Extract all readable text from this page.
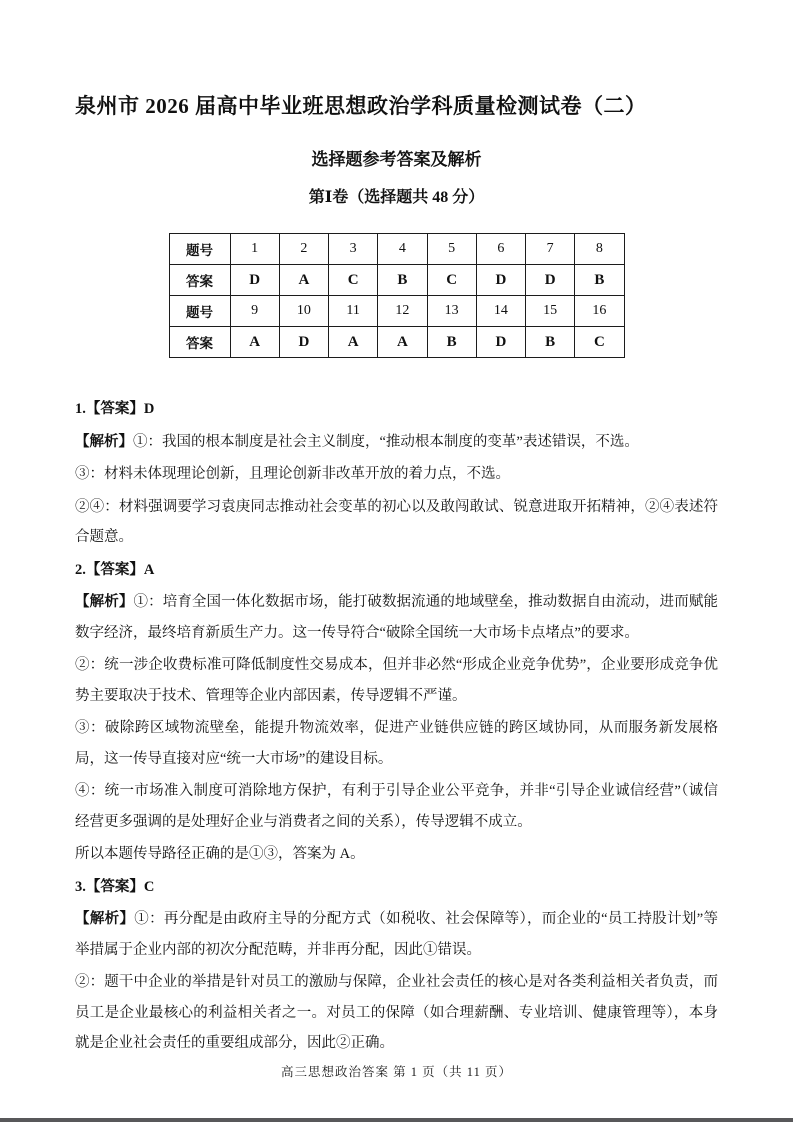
泉州市 2026 届高中毕业班思想政治学科质量检测试卷（二）
选择题参考答案及解析
第Ⅰ卷（选择题共 48 分）
题号	1	2	3	4	5	6	7	8
答案	D	A	C	B	C	D	D	B
题号	9	10	11	12	13	14	15	16
答案	A	D	A	A	B	D	B	C

1.【答案】D

【解析】①：我国的根本制度是社会主义制度，“推动根本制度的变革”表述错误，不选。

③：材料未体现理论创新，且理论创新非改革开放的着力点，不选。

②④：材料强调要学习袁庚同志推动社会变革的初心以及敢闯敢试、锐意进取开拓精神，②④表述符合题意。

2.【答案】A

【解析】①：培育全国一体化数据市场，能打破数据流通的地域壁垒，推动数据自由流动，进而赋能数字经济，最终培育新质生产力。这一传导符合“破除全国统一大市场卡点堵点”的要求。

②：统一涉企收费标准可降低制度性交易成本，但并非必然“形成企业竞争优势”，企业要形成竞争优势主要取决于技术、管理等企业内部因素，传导逻辑不严谨。

③：破除跨区域物流壁垒，能提升物流效率，促进产业链供应链的跨区域协同，从而服务新发展格局，这一传导直接对应“统一大市场”的建设目标。

④：统一市场准入制度可消除地方保护，有利于引导企业公平竞争，并非“引导企业诚信经营”（诚信经营更多强调的是处理好企业与消费者之间的关系），传导逻辑不成立。

所以本题传导路径正确的是①③，答案为 A。

3.【答案】C

【解析】①：再分配是由政府主导的分配方式（如税收、社会保障等），而企业的“员工持股计划”等举措属于企业内部的初次分配范畴，并非再分配，因此①错误。

②：题干中企业的举措是针对员工的激励与保障，企业社会责任的核心是对各类利益相关者负责，而员工是企业最核心的利益相关者之一。对员工的保障（如合理薪酬、专业培训、健康管理等），本身就是企业社会责任的重要组成部分，因此②正确。

高三思想政治答案 第 1 页（共 11 页）
